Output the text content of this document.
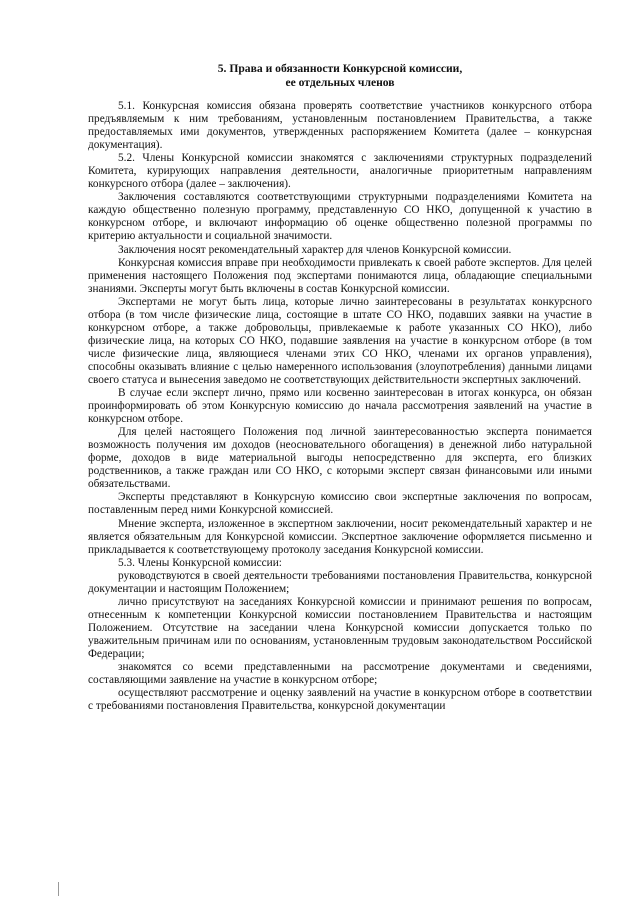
5. Права и обязанности Конкурсной комиссии,
ее отдельных членов

5.1. Конкурсная комиссия обязана проверять соответствие участников конкурсного отбора предъявляемым к ним требованиям, установленным постановлением Правительства, а также предоставляемых ими документов, утвержденных распоряжением Комитета (далее – конкурсная документация).

5.2. Члены Конкурсной комиссии знакомятся с заключениями структурных подразделений Комитета, курирующих направления деятельности, аналогичные приоритетным направлениям конкурсного отбора (далее – заключения).

Заключения составляются соответствующими структурными подразделениями Комитета на каждую общественно полезную программу, представленную СО НКО, допущенной к участию в конкурсном отборе, и включают информацию об оценке общественно полезной программы по критерию актуальности и социальной значимости.

Заключения носят рекомендательный характер для членов Конкурсной комиссии.

Конкурсная комиссия вправе при необходимости привлекать к своей работе экспертов. Для целей применения настоящего Положения под экспертами понимаются лица, обладающие специальными знаниями. Эксперты могут быть включены в состав Конкурсной комиссии.

Экспертами не могут быть лица, которые лично заинтересованы в результатах конкурсного отбора (в том числе физические лица, состоящие в штате СО НКО, подавших заявки на участие в конкурсном отборе, а также добровольцы, привлекаемые к работе указанных СО НКО), либо физические лица, на которых СО НКО, подавшие заявления на участие в конкурсном отборе (в том числе физические лица, являющиеся членами этих СО НКО, членами их органов управления), способны оказывать влияние с целью намеренного использования (злоупотребления) данными лицами своего статуса и вынесения заведомо не соответствующих действительности экспертных заключений.

В случае если эксперт лично, прямо или косвенно заинтересован в итогах конкурса, он обязан проинформировать об этом Конкурсную комиссию до начала рассмотрения заявлений на участие в конкурсном отборе.

Для целей настоящего Положения под личной заинтересованностью эксперта понимается возможность получения им доходов (неосновательного обогащения) в денежной либо натуральной форме, доходов в виде материальной выгоды непосредственно для эксперта, его близких родственников, а также граждан или СО НКО, с которыми эксперт связан финансовыми или иными обязательствами.

Эксперты представляют в Конкурсную комиссию свои экспертные заключения по вопросам, поставленным перед ними Конкурсной комиссией.

Мнение эксперта, изложенное в экспертном заключении, носит рекомендательный характер и не является обязательным для Конкурсной комиссии. Экспертное заключение оформляется письменно и прикладывается к соответствующему протоколу заседания Конкурсной комиссии.

5.3. Члены Конкурсной комиссии:

руководствуются в своей деятельности требованиями постановления Правительства, конкурсной документации и настоящим Положением;

лично присутствуют на заседаниях Конкурсной комиссии и принимают решения по вопросам, отнесенным к компетенции Конкурсной комиссии постановлением Правительства и настоящим Положением. Отсутствие на заседании члена Конкурсной комиссии допускается только по уважительным причинам или по основаниям, установленным трудовым законодательством Российской Федерации;

знакомятся со всеми представленными на рассмотрение документами и сведениями, составляющими заявление на участие в конкурсном отборе;

осуществляют рассмотрение и оценку заявлений на участие в конкурсном отборе в соответствии с требованиями постановления Правительства, конкурсной документации
